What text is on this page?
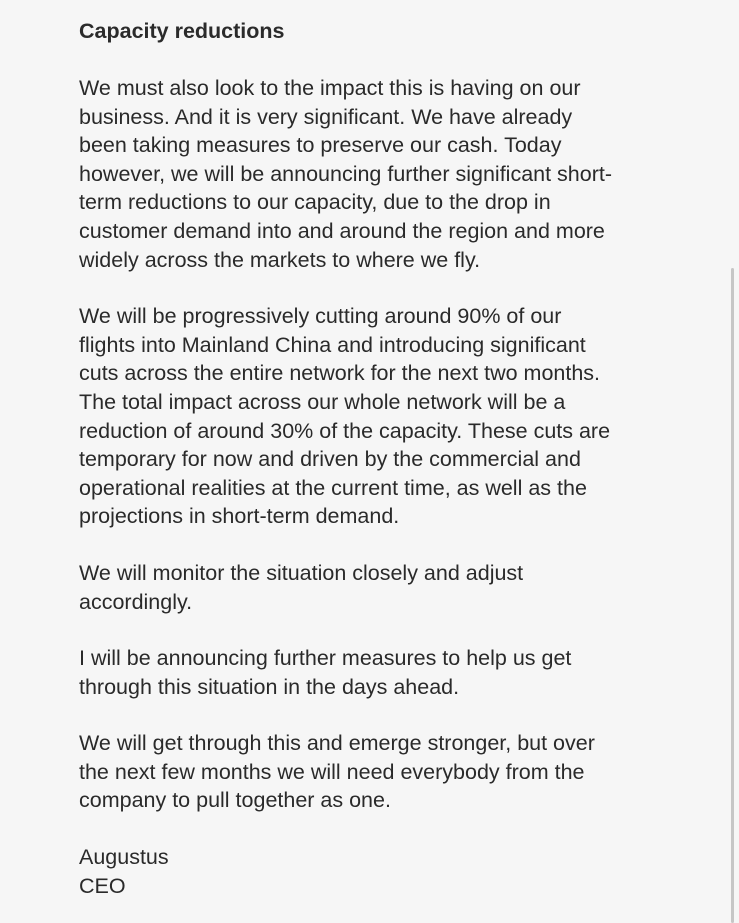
Capacity reductions
We must also look to the impact this is having on our
business. And it is very significant. We have already
been taking measures to preserve our cash. Today
however, we will be announcing further significant short-
term reductions to our capacity, due to the drop in
customer demand into and around the region and more
widely across the markets to where we fly.
We will be progressively cutting around 90% of our
flights into Mainland China and introducing significant
cuts across the entire network for the next two months.
The total impact across our whole network will be a
reduction of around 30% of the capacity. These cuts are
temporary for now and driven by the commercial and
operational realities at the current time, as well as the
projections in short-term demand.
We will monitor the situation closely and adjust
accordingly.
I will be announcing further measures to help us get
through this situation in the days ahead.
We will get through this and emerge stronger, but over
the next few months we will need everybody from the
company to pull together as one.
Augustus
CEO
